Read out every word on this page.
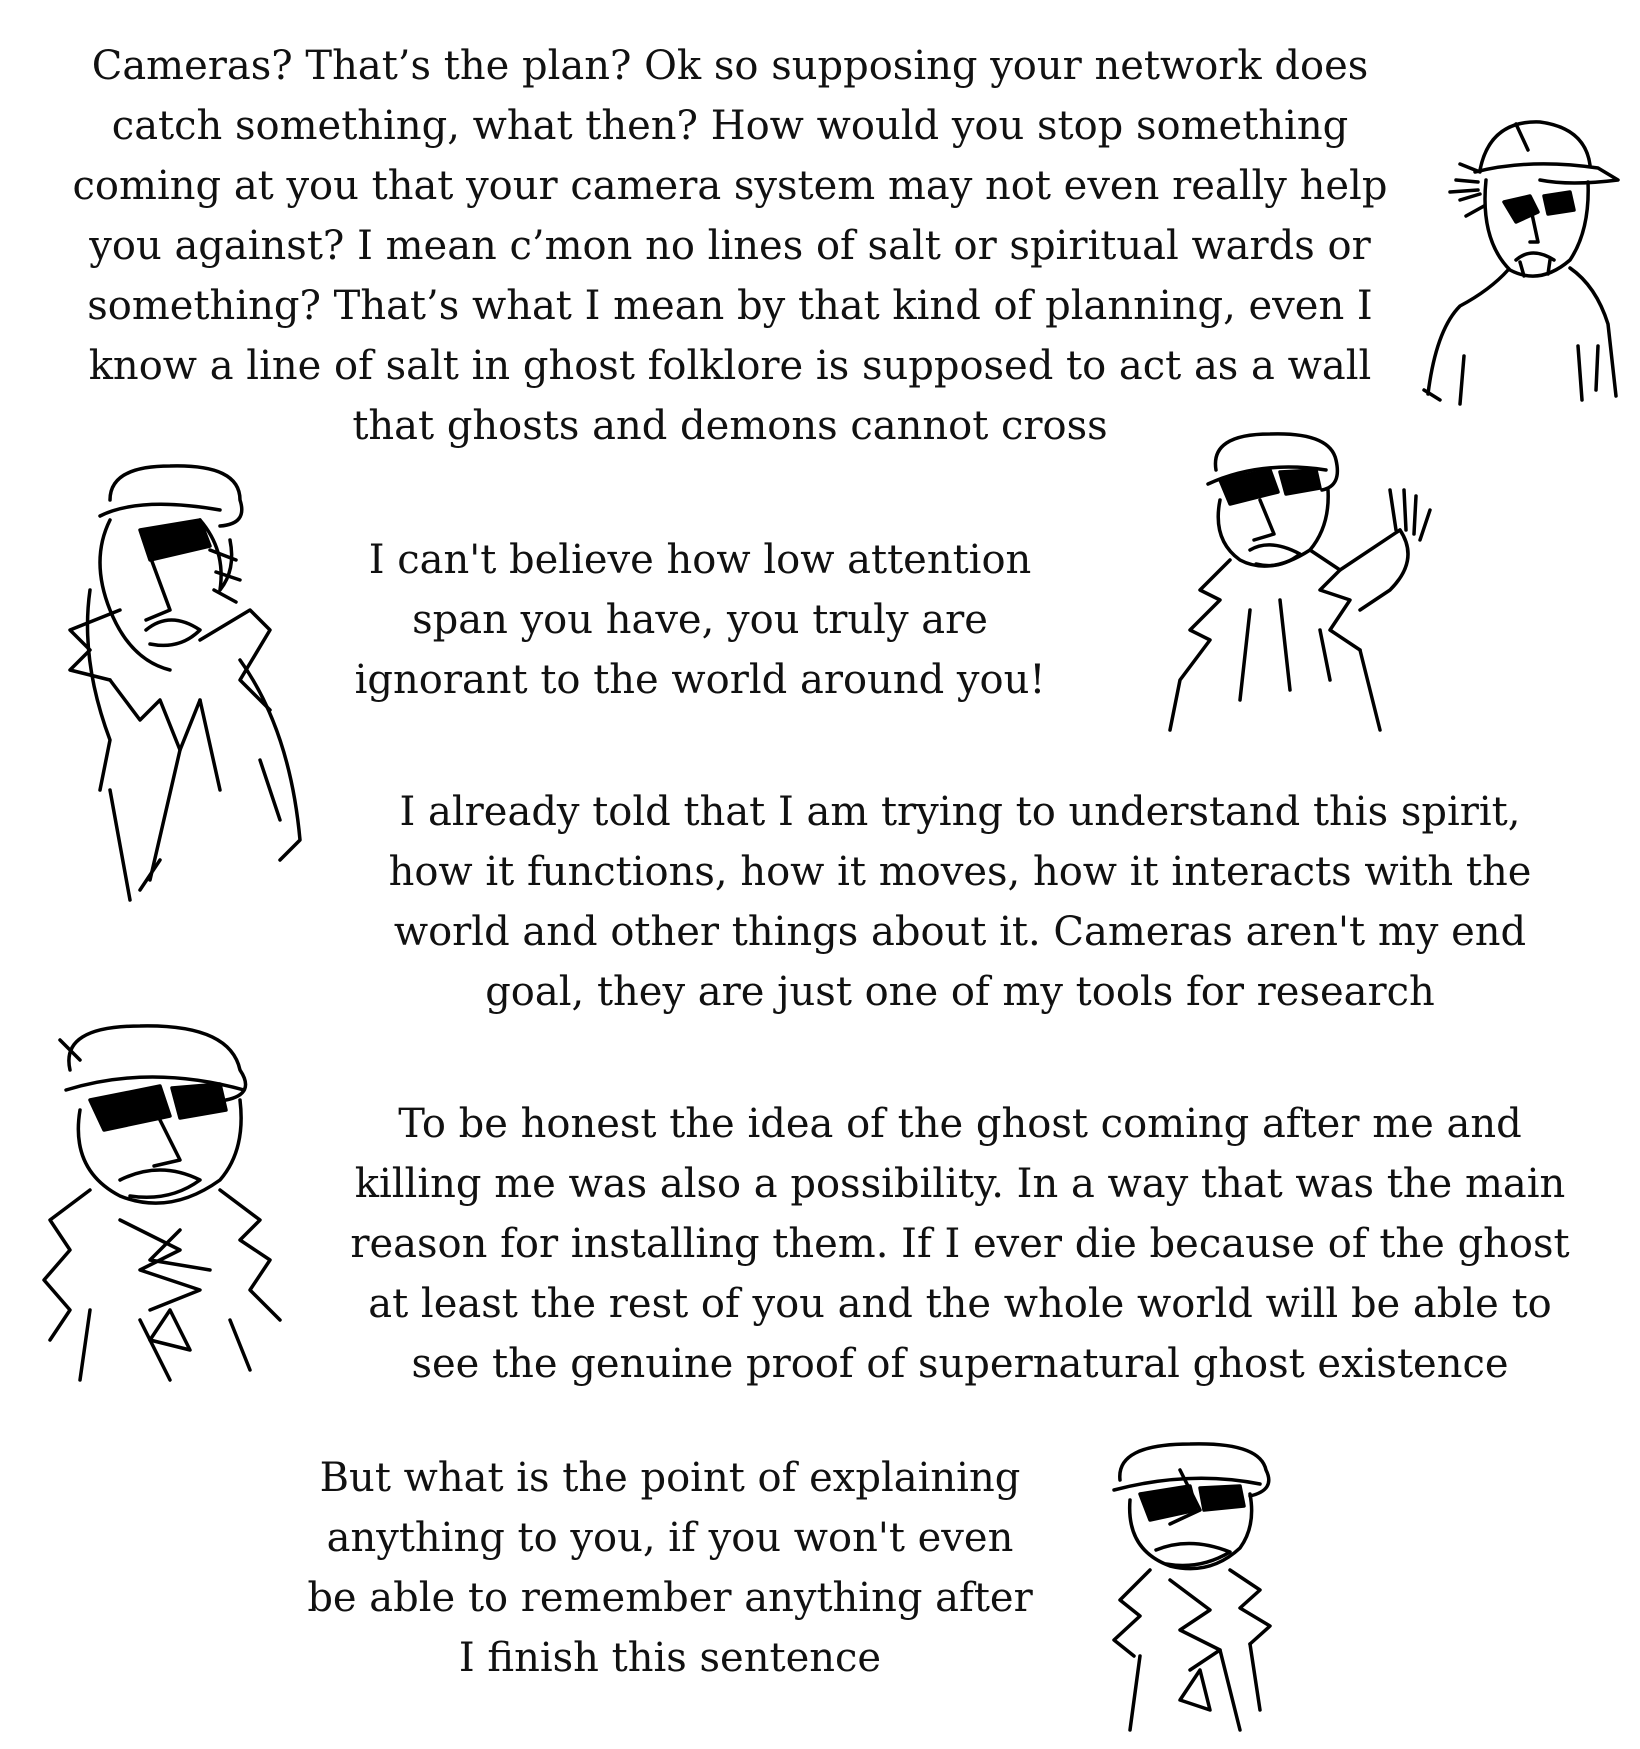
Cameras? That’s the plan? Ok so supposing your network does catch something, what then? How would you stop something coming at you that your camera system may not even really help you against? I mean c’mon no lines of salt or spiritual wards or something? That’s what I mean by that kind of planning, even I know a line of salt in ghost folklore is supposed to act as a wall that ghosts and demons cannot cross

I can't believe how low attention span you have, you truly are ignorant to the world around you!

I already told that I am trying to understand this spirit, how it functions, how it moves, how it interacts with the world and other things about it. Cameras aren't my end goal, they are just one of my tools for research

To be honest the idea of the ghost coming after me and killing me was also a possibility. In a way that was the main reason for installing them. If I ever die because of the ghost at least the rest of you and the whole world will be able to see the genuine proof of supernatural ghost existence

But what is the point of explaining anything to you, if you won't even be able to remember anything after I finish this sentence
